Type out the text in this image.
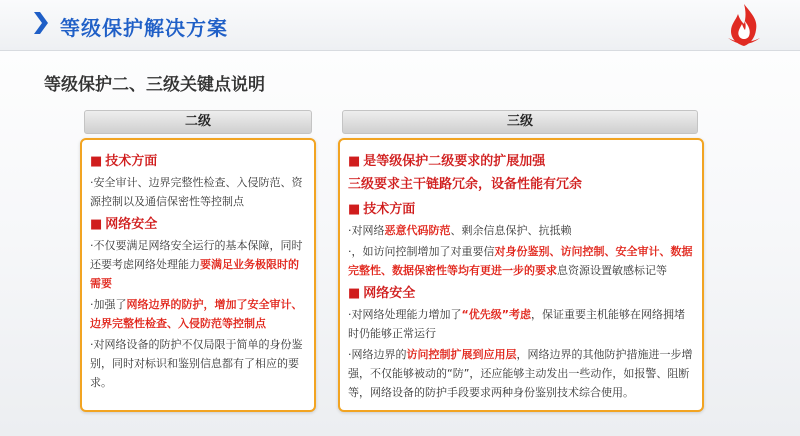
等级保护解决方案
等级保护二、三级关键点说明
二级
■ 技术方面

·安全审计、边界完整性检查、入侵防范、资源控制以及通信保密性等控制点

■ 网络安全

·不仅要满足网络安全运行的基本保障，同时还要考虑网络处理能力要满足业务极限时的需要

·加强了网络边界的防护，增加了安全审计、边界完整性检查、入侵防范等控制点

·对网络设备的防护不仅局限于简单的身份鉴别，同时对标识和鉴别信息都有了相应的要求。

三级
■ 是等级保护二级要求的扩展加强
三级要求主干链路冗余，设备性能有冗余
■ 技术方面

·对网络恶意代码防范、剩余信息保护、抗抵赖

·，如访问控制增加了对重要信对身份鉴别、访问控制、安全审计、数据完整性、数据保密性等均有更进一步的要求息资源设置敏感标记等

■ 网络安全

·对网络处理能力增加了“优先级”考虑，保证重要主机能够在网络拥堵时仍能够正常运行

·网络边界的访问控制扩展到应用层，网络边界的其他防护措施进一步增强，不仅能够被动的“防”，还应能够主动发出一些动作，如报警、阻断等，网络设备的防护手段要求两种身份鉴别技术综合使用。
